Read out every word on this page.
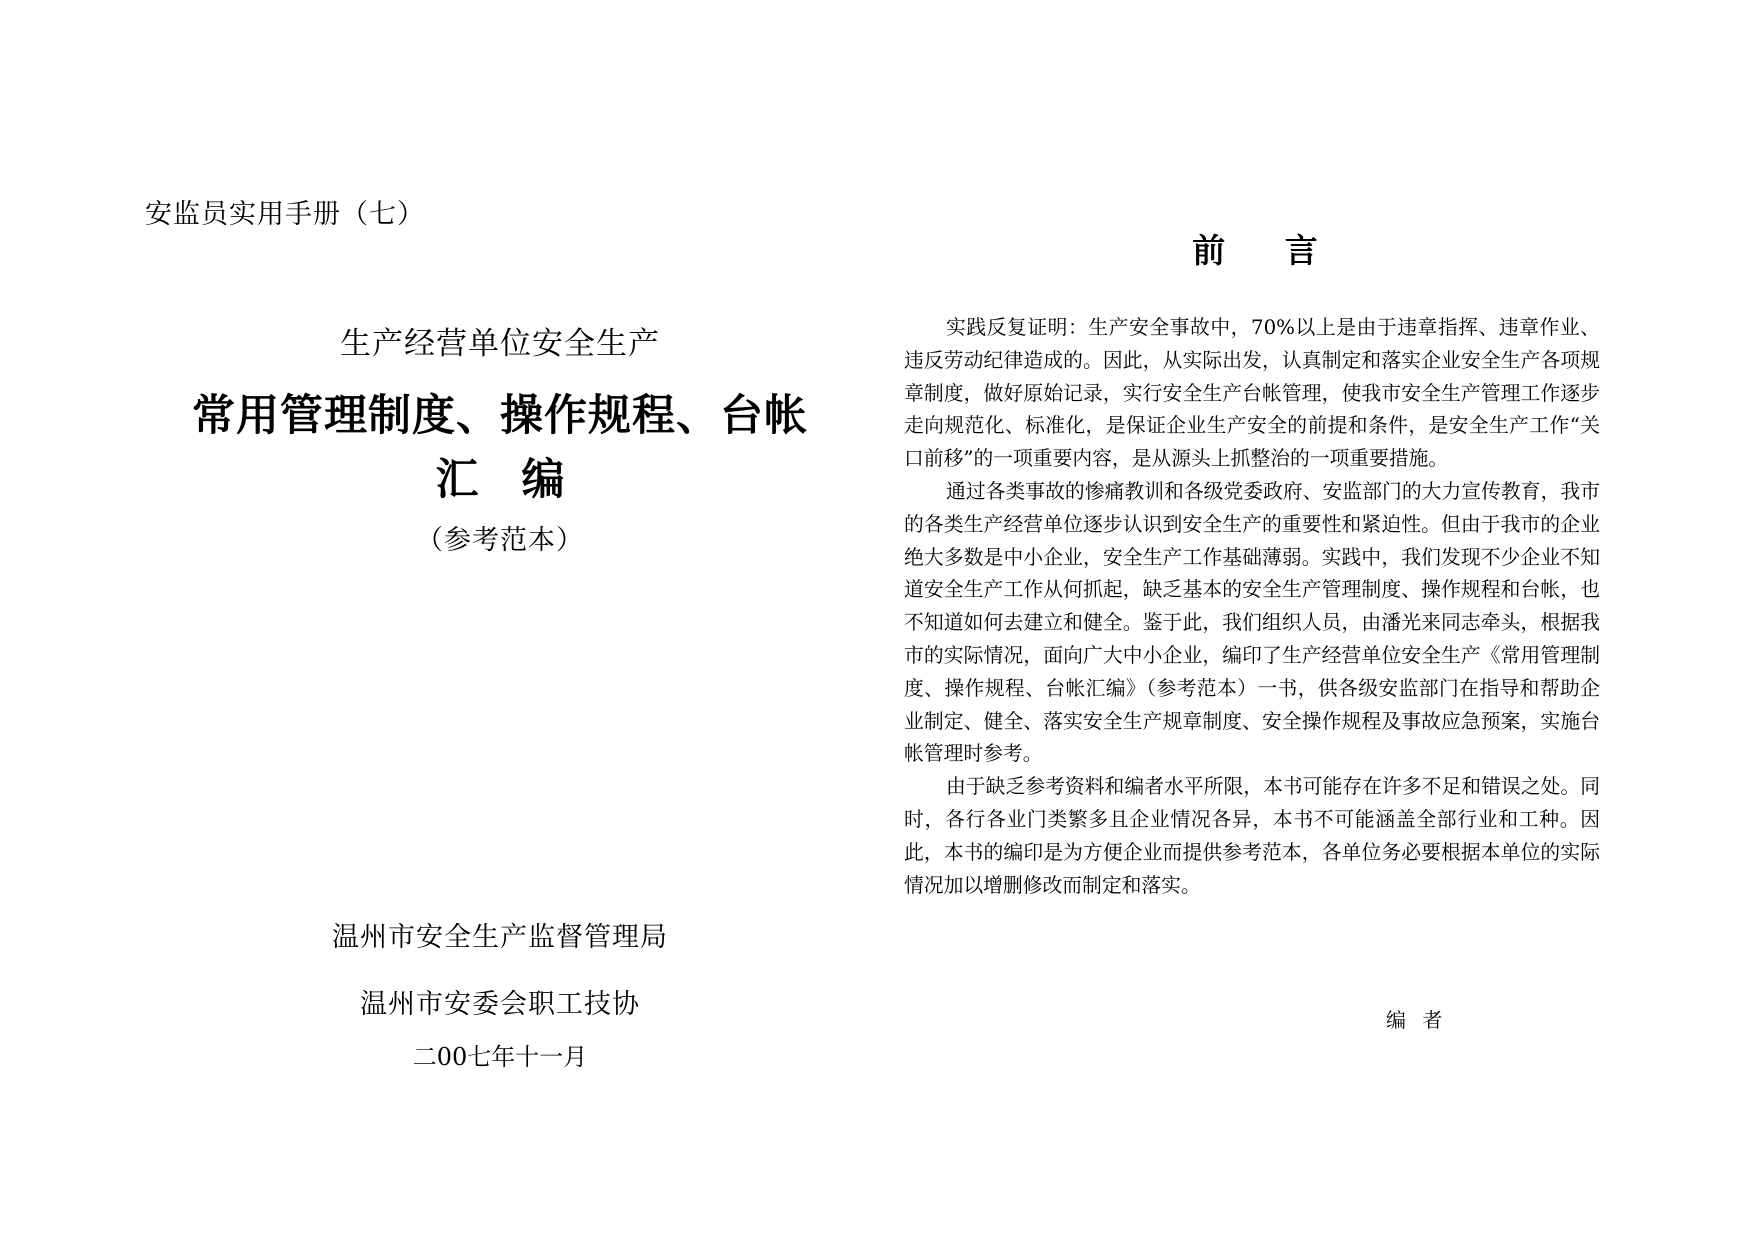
安监员实用手册（七）
生产经营单位安全生产
常用管理制度、操作规程、台帐
汇 编
（参考范本）
温州市安全生产监督管理局
温州市安委会职工技协
二00七年十一月
前 言

实践反复证明：生产安全事故中，70%以上是由于违章指挥、违章作业、违反劳动纪律造成的。因此，从实际出发，认真制定和落实企业安全生产各项规章制度，做好原始记录，实行安全生产台帐管理，使我市安全生产管理工作逐步走向规范化、标准化，是保证企业生产安全的前提和条件，是安全生产工作“关口前移”的一项重要内容，是从源头上抓整治的一项重要措施。

通过各类事故的惨痛教训和各级党委政府、安监部门的大力宣传教育，我市的各类生产经营单位逐步认识到安全生产的重要性和紧迫性。但由于我市的企业绝大多数是中小企业，安全生产工作基础薄弱。实践中，我们发现不少企业不知道安全生产工作从何抓起，缺乏基本的安全生产管理制度、操作规程和台帐，也不知道如何去建立和健全。鉴于此，我们组织人员，由潘光来同志牵头，根据我市的实际情况，面向广大中小企业，编印了生产经营单位安全生产《常用管理制度、操作规程、台帐汇编》（参考范本）一书，供各级安监部门在指导和帮助企业制定、健全、落实安全生产规章制度、安全操作规程及事故应急预案，实施台帐管理时参考。

由于缺乏参考资料和编者水平所限，本书可能存在许多不足和错误之处。同时，各行各业门类繁多且企业情况各异，本书不可能涵盖全部行业和工种。因此，本书的编印是为方便企业而提供参考范本，各单位务必要根据本单位的实际情况加以增删修改而制定和落实。

编 者
